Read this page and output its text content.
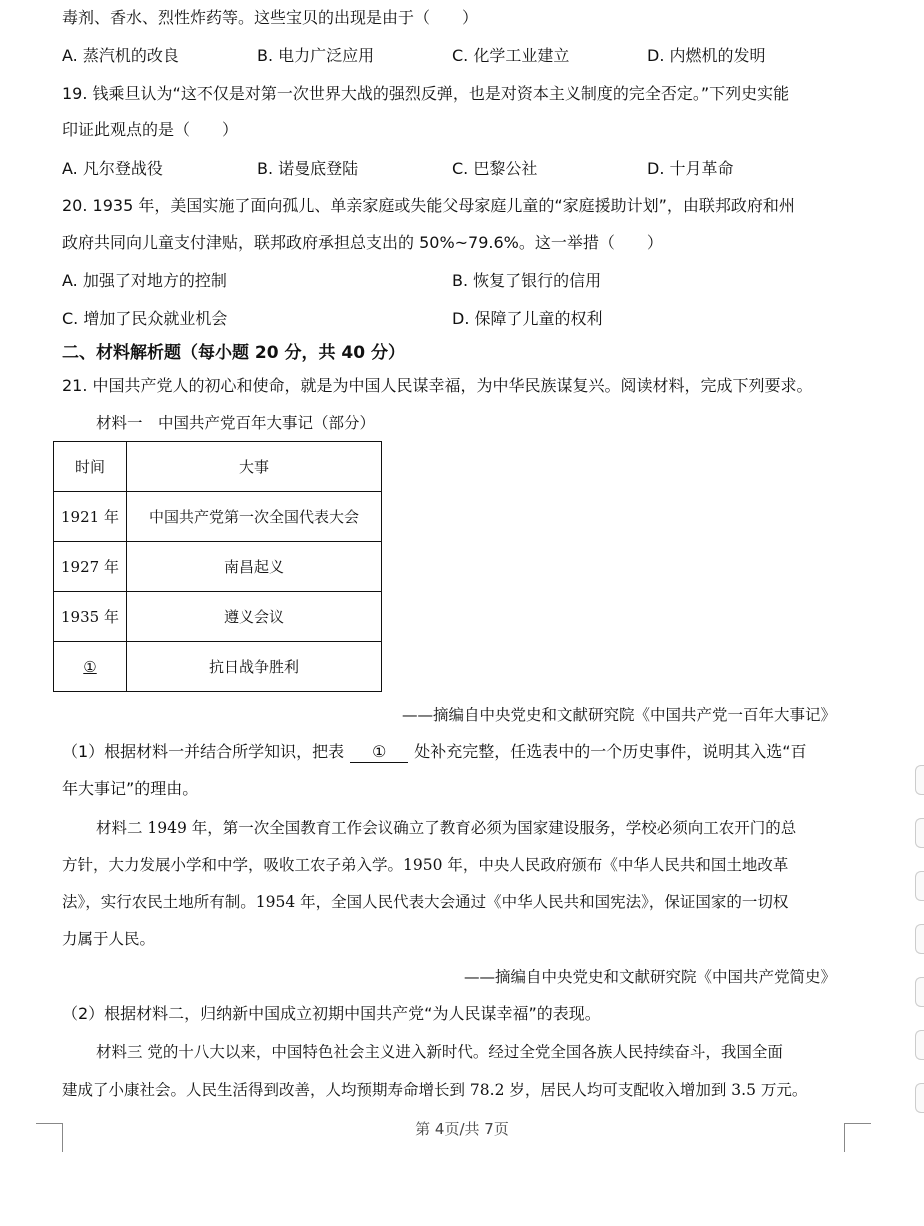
毒剂、香水、烈性炸药等。这些宝贝的出现是由于（　　）
A. 蒸汽机的改良	B. 电力广泛应用	C. 化学工业建立	D. 内燃机的发明
19. 钱乘旦认为“这不仅是对第一次世界大战的强烈反弹，也是对资本主义制度的完全否定。”下列史实能
印证此观点的是（　　）
A. 凡尔登战役	B. 诺曼底登陆	C. 巴黎公社	D. 十月革命
20. 1935 年，美国实施了面向孤儿、单亲家庭或失能父母家庭儿童的“家庭援助计划”，由联邦政府和州
政府共同向儿童支付津贴，联邦政府承担总支出的 50%~79.6%。这一举措（　　）
A. 加强了对地方的控制	B. 恢复了银行的信用
C. 增加了民众就业机会	D. 保障了儿童的权利
二、材料解析题（每小题 20 分，共 40 分）
21. 中国共产党人的初心和使命，就是为中国人民谋幸福，为中华民族谋复兴。阅读材料，完成下列要求。
材料一　中国共产党百年大事记（部分）
时间	大事
1921 年	中国共产党第一次全国代表大会
1927 年	南昌起义
1935 年	遵义会议
①	抗日战争胜利
——摘编自中央党史和文献研究院《中国共产党一百年大事记》
（1）根据材料一并结合所学知识，把表 ① 处补充完整，任选表中的一个历史事件，说明其入选“百
年大事记”的理由。
材料二 1949 年，第一次全国教育工作会议确立了教育必须为国家建设服务，学校必须向工农开门的总
方针，大力发展小学和中学，吸收工农子弟入学。1950 年，中央人民政府颁布《中华人民共和国土地改革
法》，实行农民土地所有制。1954 年，全国人民代表大会通过《中华人民共和国宪法》，保证国家的一切权
力属于人民。
——摘编自中央党史和文献研究院《中国共产党简史》
（2）根据材料二，归纳新中国成立初期中国共产党“为人民谋幸福”的表现。
材料三 党的十八大以来，中国特色社会主义进入新时代。经过全党全国各族人民持续奋斗，我国全面
建成了小康社会。人民生活得到改善，人均预期寿命增长到 78.2 岁，居民人均可支配收入增加到 3.5 万元。
第 4页/共 7页
